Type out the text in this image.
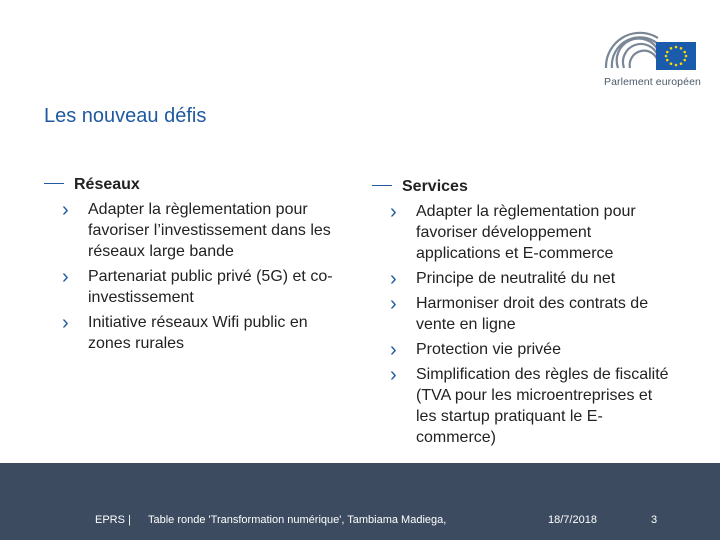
Parlement européen
Les nouveau défis
Réseaux
› Adapter la règlementation pour favoriser l’investissement dans les réseaux large bande
› Partenariat public privé (5G) et co-investissement
› Initiative réseaux Wifi public en zones rurales
Services
› Adapter la règlementation pour favoriser développement applications et E-commerce
› Principe de neutralité du net
› Harmoniser droit des contrats de vente en ligne
› Protection vie privée
› Simplification des règles de fiscalité (TVA pour les microentreprises et les startup pratiquant le E-commerce)
EPRS | Table ronde 'Transformation numérique', Tambiama Madiega,	18/7/2018	3
